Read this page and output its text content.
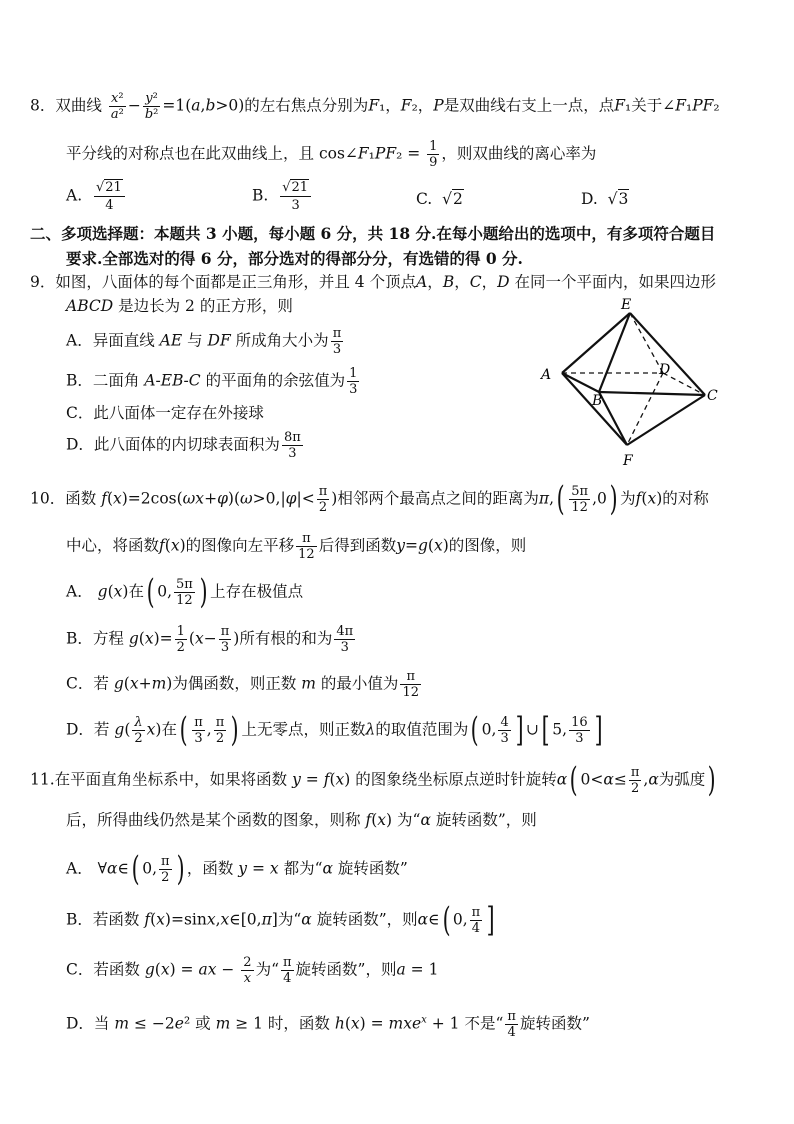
8．双曲线 $\frac{\text{x²}}{\text{a²}} - \frac{\text{y²}}{\text{b²}} =1(a,b>0)$的左右焦点分别为F₁，F₂，P是双曲线右支上一点，点F₁关于∠F₁PF₂
平分线的对称点也在此双曲线上，且 cos∠F₁PF₂ = $\frac{1}{9}$ ，则双曲线的离心率为
A. $\frac{√21}{4}$	B. $\frac{√21}{3}$	C.  √2	D.  √3
二、多项选择题：本题共 3 小题，每小题 6 分，共 18 分.在每小题给出的选项中，有多项符合题目
要求.全部选对的得 6 分，部分选对的得部分分，有选错的得 0 分.
9．如图，八面体的每个面都是正三角形，并且 4 个顶点A，B，C，D 在同一个平面内，如果四边形
ABCD 是边长为 2 的正方形，则
A．异面直线 AE 与 DF 所成角大小为 $\frac{\pi}{3}$
B．二面角 A-EB-C 的平面角的余弦值为 $\frac{1}{3}$
C．此八面体一定存在外接球
D．此八面体的内切球表面积为 $\frac{8\pi}{3}$
E
A	D
B	C
F
10．函数 $f(x)=2\cos(\omega x+\varphi)(\omega>0,|\varphi|< \frac{\pi}{2}$ )相邻两个最高点之间的距离为$\pi,( \frac{5\pi}{12} ,0)$ 为f(x)的对称
中心，将函数f(x)的图像向左平移 $\frac{\pi}{12}$ 后得到函数y=g(x)的图像，则
A． g(x)在( 0, $\frac{5\pi}{12}$ ) 上存在极值点
B．方程 $g(x)= \frac{1}{2} (x- \frac{\pi}{3}$ )所有根的和为 $\frac{4\pi}{3}$
C．若 g(x+m)为偶函数，则正数 m 的最小值为 $\frac{\pi}{12}$
D．若 $g( \frac{\lambda}{2} x)$在( $\frac{\pi}{3}$ , $\frac{\pi}{2}$ ) 上无零点，则正数λ的取值范围为( 0, $\frac{4}{3}$ ] ∪[ 5, $\frac{16}{3}$ ]
11.在平面直角坐标系中，如果将函数 y = f(x) 的图象绕坐标原点逆时针旋转α( $0<\alpha\le \frac{\pi}{2} ,\alpha$为弧度)
后，所得曲线仍然是某个函数的图象，则称 f(x) 为“α 旋转函数”，则
A． ∀α∈( 0, $\frac{\pi}{2}$ ) ，函数 y = x 都为“α 旋转函数”
B．若函数 f(x)=sinx,x∈[0,π]为“α 旋转函数”，则α∈( 0, $\frac{\pi}{4}$ ]
C．若函数 g(x) = ax − $\frac{2}{x}$ 为“ $\frac{\pi}{4}$ 旋转函数”，则a = 1
D．当 m ≤ −2e² 或 m ≥ 1 时，函数 h(x) = mxe$^x$ + 1 不是“ $\frac{\pi}{4}$ 旋转函数”
